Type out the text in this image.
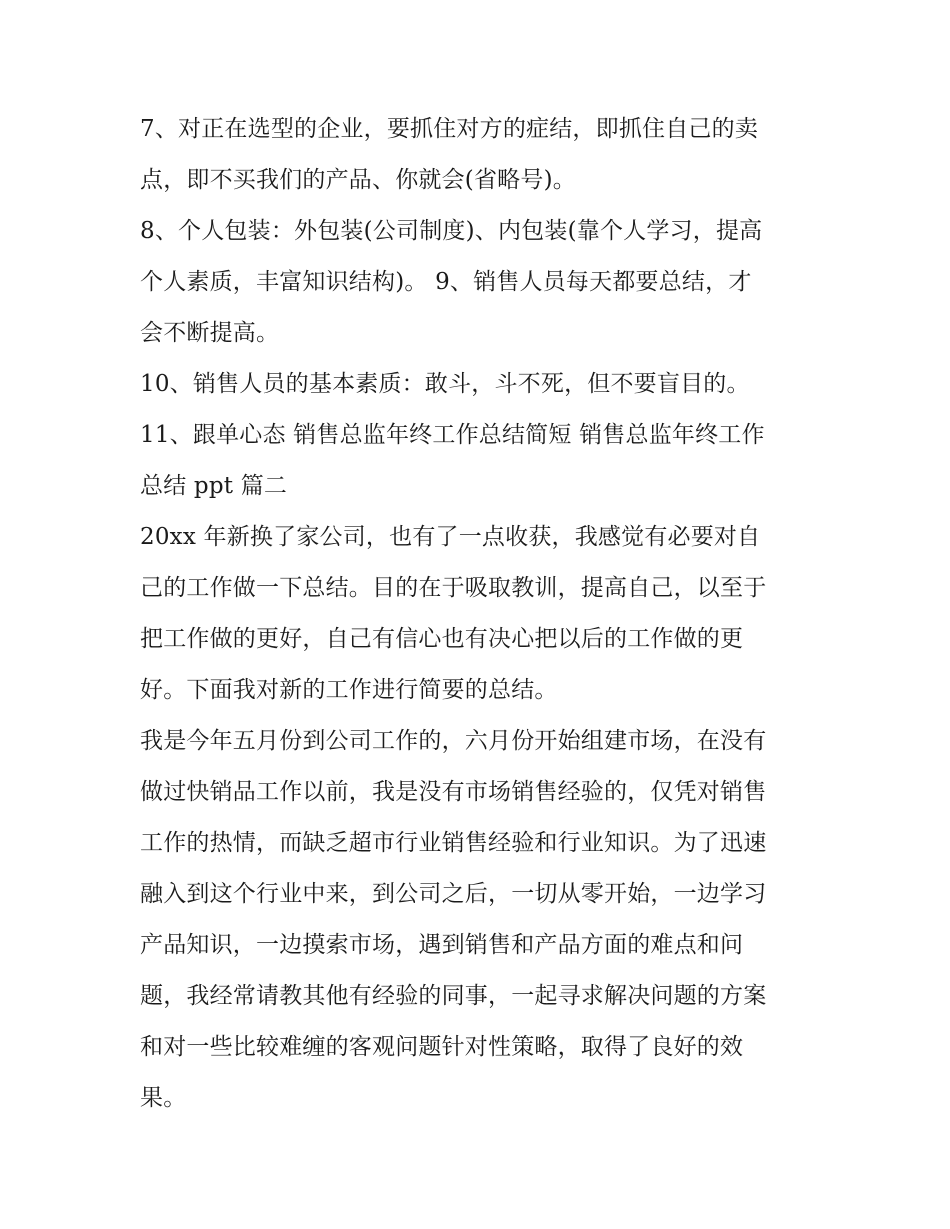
7、对正在选型的企业，要抓住对方的症结，即抓住自己的卖
点，即不买我们的产品、你就会(省略号)。
8、个人包装：外包装(公司制度)、内包装(靠个人学习，提高
个人素质，丰富知识结构)。 9、销售人员每天都要总结，才
会不断提高。
10、销售人员的基本素质：敢斗，斗不死，但不要盲目的。
11、跟单心态 销售总监年终工作总结简短 销售总监年终工作
总结 ppt 篇二
20xx 年新换了家公司，也有了一点收获，我感觉有必要对自
己的工作做一下总结。目的在于吸取教训，提高自己，以至于
把工作做的更好，自己有信心也有决心把以后的工作做的更
好。下面我对新的工作进行简要的总结。
我是今年五月份到公司工作的，六月份开始组建市场，在没有
做过快销品工作以前，我是没有市场销售经验的，仅凭对销售
工作的热情，而缺乏超市行业销售经验和行业知识。为了迅速
融入到这个行业中来，到公司之后，一切从零开始，一边学习
产品知识，一边摸索市场，遇到销售和产品方面的难点和问
题，我经常请教其他有经验的同事，一起寻求解决问题的方案
和对一些比较难缠的客观问题针对性策略，取得了良好的效
果。
